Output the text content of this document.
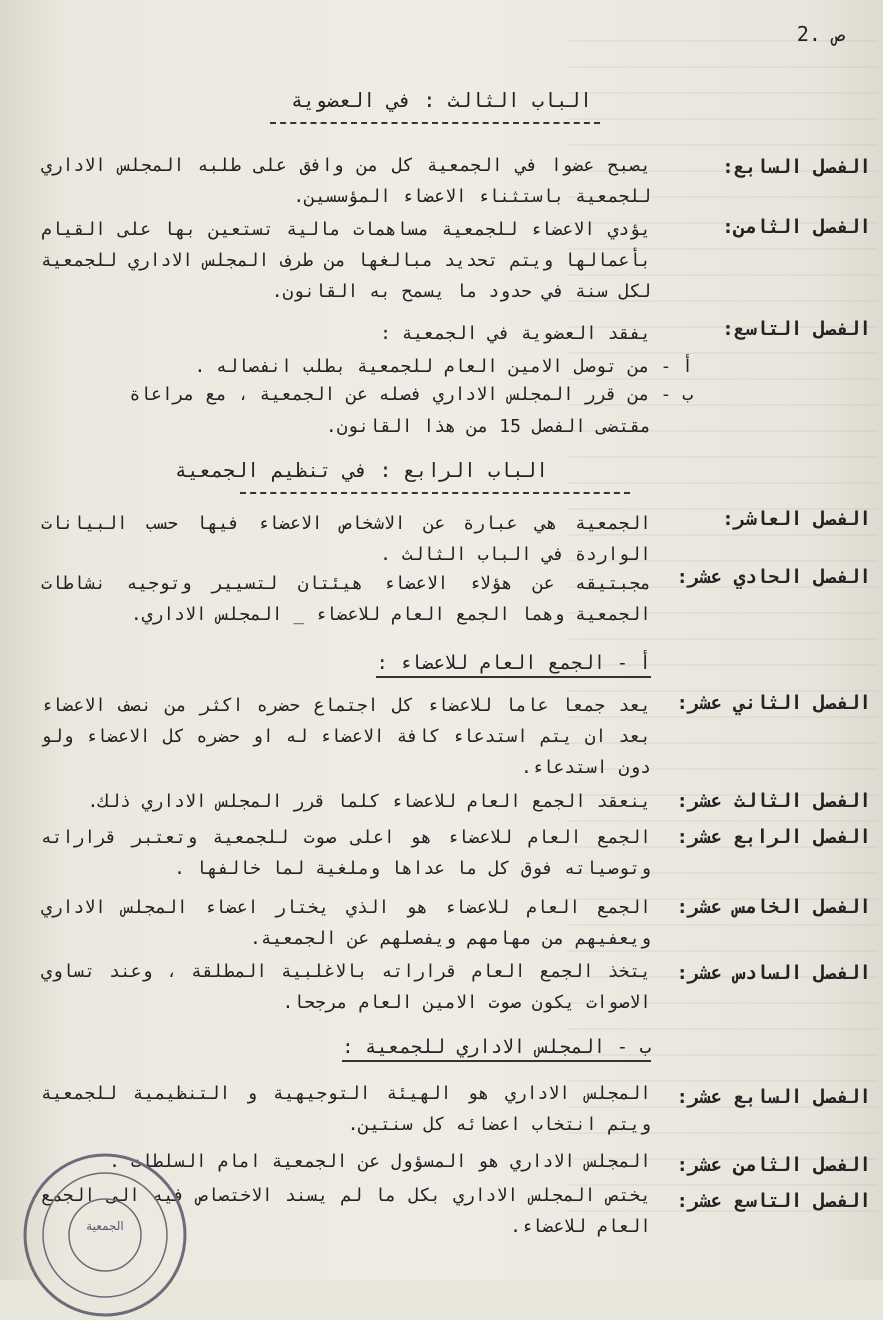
ص .2
الباب الثالث : في العضوية
الفصل السابع:
يصبح عضوا في الجمعية كل من وافق على طلبه المجلس الاداري للجمعية باستثناء الاعضاء المؤسسين.
الفصل الثامن:
يؤدي الاعضاء للجمعية مساهمات مالية تستعين بها على القيام بأعمالها ويتم تحديد مبالغها من طرف المجلس الاداري للجمعية لكل سنة في حدود ما يسمح به القانون.
الفصل التاسع:
يفقد العضوية في الجمعية :
أ - من توصل الامين العام للجمعية بطلب انفصاله .
ب - من قرر المجلس الاداري فصله عن الجمعية ، مع مراعاة
مقتضى الفصل 15 من هذا القانون.
الباب الرابع : في تنظيم الجمعية
الفصل العاشر:
الجمعية هي عبارة عن الاشخاص الاعضاء فيها حسب البيانات الواردة في الباب الثالث .
الفصل الحادي عشر:
مجبتيقه عن هؤلاء الاعضاء هيئتان لتسيير وتوجيه نشاطات الجمعية وهما الجمع العام للاعضاء _ المجلس الاداري.
أ - الجمع العام للاعضاء :
الفصل الثاني عشر:
يعد جمعا عاما للاعضاء كل اجتماع حضره اكثر من نصف الاعضاء بعد ان يتم استدعاء كافة الاعضاء له او حضره كل الاعضاء ولو دون استدعاء.
الفصل الثالث عشر:
ينعقد الجمع العام للاعضاء كلما قرر المجلس الاداري ذلك.
الفصل الرابع عشر:
الجمع العام للاعضاء هو اعلى صوت للجمعية وتعتبر قراراته وتوصياته فوق كل ما عداها وملغية لما خالفها .
الفصل الخامس عشر:
الجمع العام للاعضاء هو الذي يختار اعضاء المجلس الاداري ويعفيهم من مهامهم ويفصلهم عن الجمعية.
الفصل السادس عشر:
يتخذ الجمع العام قراراته بالاغلبية المطلقة ، وعند تساوي الاصوات يكون صوت الامين العام مرجحا.
ب - المجلس الاداري للجمعية :
الفصل السابع عشر:
المجلس الاداري هو الهيئة التوجيهية و التنظيمية للجمعية ويتم انتخاب اعضائه كل سنتين.
الفصل الثامن عشر:
المجلس الاداري هو المسؤول عن الجمعية امام السلطات .
الفصل التاسع عشر:
يختص المجلس الاداري بكل ما لم يسند الاختصاص فيه الى الجمع العام للاعضاء.
الجمعية
